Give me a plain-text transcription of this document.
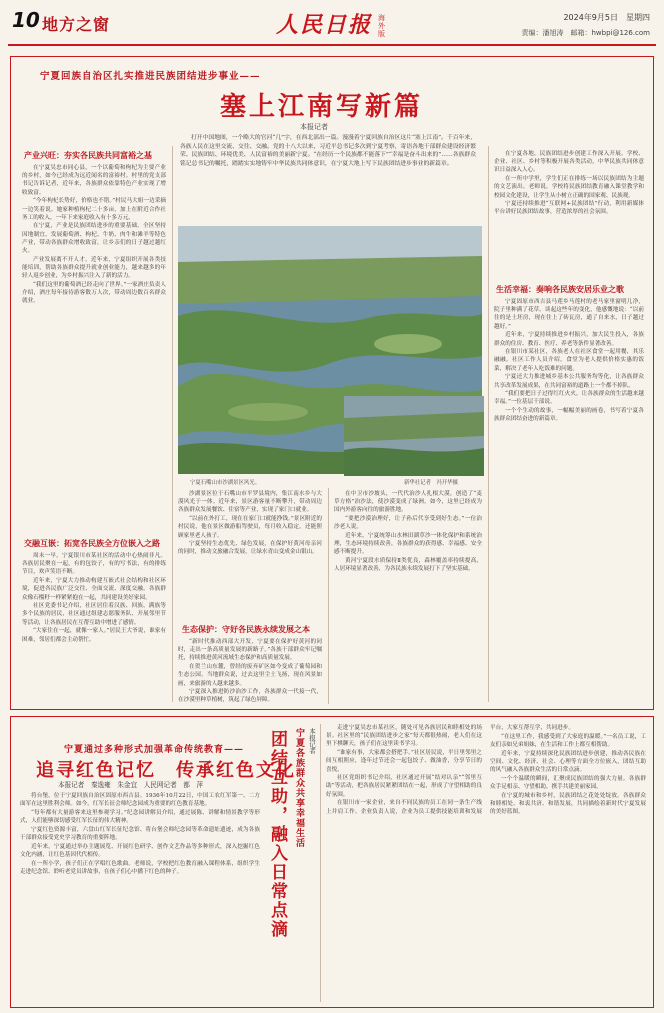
10 地方之窗	人民日报 海外版
2024年9月5日　星期四
责编：潘旭涛　邮箱：hwbpi@126.com
宁夏回族自治区扎实推进民族团结进步事业——
塞上江南写新篇
本报记者
产业兴旺：夯实各民族共同富裕之基

在宁夏吴忠市同心县，一个以葡萄和枸杞为主要产业的乡村，如今已经成为远近闻名的富裕村。村里的党支部书记告诉记者，近年来，各族群众依靠特色产业实现了增收致富。

“今年枸杞长势好，价格也不错。”村民马大姐一边采摘一边笑着说。她家种植枸杞二十多亩，加上在附近合作社务工的收入，一年下来家庭收入有十多万元。

在宁夏，产业是民族团结进步的重要基础。全区坚持因地制宜，发展葡萄酒、枸杞、牛奶、肉牛和滩羊等特色产业，带动各族群众增收致富，让乡亲们的日子越过越红火。

产业发展离不开人才。近年来，宁夏组织开展各类技能培训，帮助各族群众提升就业创业能力，越来越多的年轻人返乡创业，为乡村振兴注入了新的活力。

“我们这里的葡萄酒已经走向了世界。”一家酒庄负责人介绍，酒庄每年接待游客数万人次，带动周边数百名群众就业。

交融互嵌：拓宽各民族全方位嵌入之路

周末一早，宁夏银川市某社区的活动中心热闹非凡。各族居民聚在一起，有的包饺子，有的写书法，有的排练节目，欢声笑语不断。

近年来，宁夏大力推动构建互嵌式社会结构和社区环境，促进各民族广泛交往、全面交流、深度交融。各族群众像石榴籽一样紧紧抱在一起，共同建设美好家园。

社区党委书记介绍，社区居住着汉族、回族、满族等多个民族的居民，社区通过组建志愿服务队、开展邻里节等活动，让各族居民在互帮互助中增进了感情。

“大家住在一起，就像一家人。”居民王大爷说，谁家有困难，邻居们都会主动帮忙。

打开中国地图，一个略大的官河“几”字，在西北部出一篇。漫漫着宁夏回族自治区这片“塞上江南”。千百年来，各族人民在这里交流、交往、交融。党的十八大以来，习近平总书记多次到宁夏考察，寄语各地干部群众建设经济繁荣、民族团结、环境优美、人民富裕的美丽新宁夏。“在经历一个民族都不能落下”“幸福是奋斗出来的”……各族群众铭记总书记的嘱托，踏踏实实地铸牢中华民族共同体意识，在宁夏大地上写下民族团结进步事业的新篇章。

宁夏石嘴山市沙湖景区风光。	新华社记者　冯开华摄

沙湖景区位于石嘴山市平罗县境内，集江南水乡与大漠风光于一体。近年来，景区游客量不断攀升，带动周边各族群众发展餐饮、住宿等产业，实现了家门口就业。

“以前在外打工，现在在家门口就能挣钱。”景区附近的村民说，他在景区做游船驾驶员，每月收入稳定，还能照顾家里老人孩子。

宁夏坚持生态优先、绿色发展，在保护好黄河母亲河的同时，推动文旅融合发展，让绿水青山变成金山银山。

生态保护：守好各民族永续发展之本

“新时代推动西部大开发，宁夏要在保护好黄河的同时，走出一条高质量发展的新路子。”各族干部群众牢记嘱托，持续推进黄河流域生态保护和高质量发展。

在贺兰山东麓，曾经的废弃矿区如今变成了葡萄园和生态公园。当地群众说，过去这里尘土飞扬，现在风景如画，来旅游的人越来越多。

宁夏深入推进防沙治沙工作，各族群众一代接一代，在沙漠里种草植树，筑起了绿色屏障。

在中卫市沙坡头，一代代治沙人扎根大漠，创造了“麦草方格”治沙法，使沙漠变成了绿洲。如今，这里已经成为国内外游客向往的旅游胜地。

“要把沙漠治理好，让子孙后代享受到好生态。”一位治沙老人说。

近年来，宁夏统筹山水林田湖草沙一体化保护和系统治理，生态环境持续改善，各族群众的获得感、幸福感、安全感不断提升。

黄河宁夏段水质保持Ⅱ类优良，森林覆盖率持续提高，人居环境显著改善，为各民族永续发展打下了坚实基础。

在宁夏各地，民族团结进步创建工作深入开展。学校、企业、社区、乡村等积极开展各类活动，中华民族共同体意识日益深入人心。

在一所中学里，学生们正在排练一场以民族团结为主题的文艺演出。老师说，学校将民族团结教育融入课堂教学和校园文化建设，让学生从小树立正确的国家观、民族观。

宁夏还持续推进“互联网+民族团结”行动，利用新媒体平台讲好民族团结故事，营造浓厚的社会氛围。

生活幸福：奏响各民族安居乐业之歌

宁夏固原市西吉县马莲乡马莲村的老马家里窗明几净，院子里种满了花草。谈起这些年的变化，他感慨地说：“以前住的是土坯房，现在住上了砖瓦房，通了自来水，日子越过越好。”

近年来，宁夏持续推进乡村振兴，加大民生投入，各族群众的住房、教育、医疗、养老等条件显著改善。

在银川市某社区，各族老人在社区食堂一起用餐，其乐融融。社区工作人员介绍，食堂为老人提供价格实惠的饭菜，解决了老年人吃饭难的问题。

宁夏还大力推进城乡基本公共服务均等化，让各族群众共享改革发展成果，在共同富裕的道路上一个都不掉队。

“我们要把日子过得红红火火，让各族群众的生活越来越幸福。”一位基层干部说。

一个个生动的故事，一幅幅美丽的画卷，书写着宁夏各族群众团结奋进的新篇章。

宁夏通过多种形式加强革命传统教育——
追寻红色记忆　传承红色文化
本报记者　秦逸雍　朱金宜　人民网记者　都　萍

将台堡，位于宁夏回族自治区固原市西吉县。1936年10月22日，中国工农红军第一、二方面军在这里胜利会师。如今，红军长征会师纪念园成为重要的红色教育基地。

“每年都有大量游客来这里参观学习。”纪念园讲解员介绍，通过展陈、讲解和情景教学等形式，人们能够深切感受红军长征的伟大精神。

宁夏红色资源丰富，六盘山红军长征纪念馆、将台堡会师纪念园等革命遗址遗迹，成为各族干部群众接受党史学习教育的重要阵地。

近年来，宁夏通过举办主题展览、开展红色研学、创作文艺作品等多种形式，深入挖掘红色文化内涵，让红色基因代代相传。

在一所小学，孩子们正在学唱红色歌曲。老师说，学校把红色教育融入课程体系，组织学生走进纪念馆、聆听老党员讲故事，在孩子们心中播下红色的种子。	团结互助，融入日常点滴 宁夏各族群众共享幸福生活 本报记者	走进宁夏吴忠市某社区，随处可见各族居民和睦相处的场景。社区里的“民族团结进步之家”每天都很热闹，老人们在这里下棋聊天，孩子们在这里读书学习。

“谁家有事，大家都会搭把手。”社区居民说，平日里邻里之间互相照应，逢年过节还会一起包饺子、做油香，分享节日的喜悦。

社区党组织书记介绍，社区通过开展“结对认亲”“邻里互助”等活动，把各族居民紧紧团结在一起，形成了守望相助的良好氛围。

在银川市一家企业，来自不同民族的员工在同一条生产线上并肩工作。企业负责人说，企业为员工提供技能培训和发展平台，大家互帮互学，共同进步。

“在这里工作，我感受到了大家庭的温暖。”一名员工说，工友们亲如兄弟姐妹，在生活和工作上都互相帮助。

近年来，宁夏持续深化民族团结进步创建，推动各民族在空间、文化、经济、社会、心理等方面全方位嵌入，团结互助的风气融入各族群众生活的日常点滴。

一个个温暖的瞬间，汇聚成民族团结的强大力量。各族群众手足相亲、守望相助，携手共建美丽家园。

在宁夏的城市和乡村，民族团结之花处处绽放。各族群众和睦相处、和衷共济、和谐发展，共同描绘着新时代宁夏发展的美好蓝图。
